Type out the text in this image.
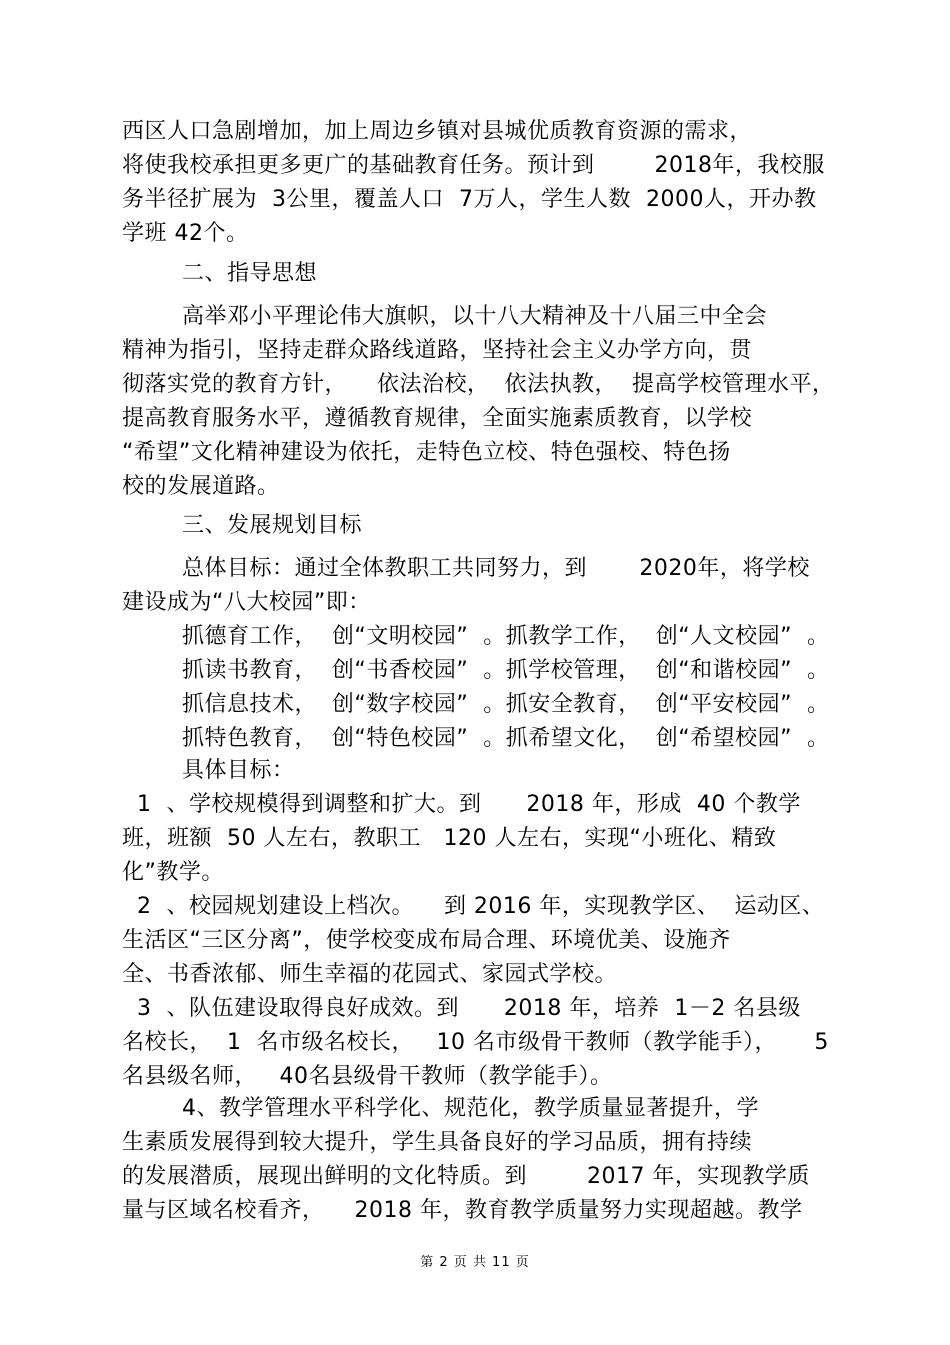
西区人口急剧增加，加上周边乡镇对县城优质教育资源的需求，
将使我校承担更多更广的基础教育任务。预计到        2018年，我校服
务半径扩展为  3公里，覆盖人口  7万人，学生人数  2000人，开办教
学班 42个。
二、指导思想
高举邓小平理论伟大旗帜，以十八大精神及十八届三中全会
精神为指引，坚持走群众路线道路，坚持社会主义办学方向，贯
彻落实党的教育方针，    依法治校，  依法执教，  提高学校管理水平，
提高教育服务水平，遵循教育规律，全面实施素质教育，以学校
“希望”文化精神建设为依托，走特色立校、特色强校、特色扬
校的发展道路。
三、发展规划目标
总体目标：通过全体教职工共同努力，到       2020年，将学校
建设成为“八大校园”即：
抓德育工作，  创“文明校园”  。抓教学工作，  创“人文校园”  。
抓读书教育，  创“书香校园”  。抓学校管理，  创“和谐校园”  。
抓信息技术，  创“数字校园”  。抓安全教育，  创“平安校园”  。
抓特色教育，  创“特色校园”  。抓希望文化，  创“希望校园”  。
具体目标：
1  、学校规模得到调整和扩大。到      2018 年，形成  40 个教学
班，班额  50 人左右，教职工   120 人左右，实现“小班化、精致
化”教学。
2  、校园规划建设上档次。    到 2016 年，实现教学区、  运动区、
生活区“三区分离”，使学校变成布局合理、环境优美、设施齐
全、书香浓郁、师生幸福的花园式、家园式学校。
3  、队伍建设取得良好成效。到      2018 年，培养  1－2 名县级
名校长，  1  名市级名校长，   10 名市级骨干教师（教学能手），     5
名县级名师，   40名县级骨干教师（教学能手）。
4、教学管理水平科学化、规范化，教学质量显著提升，学
生素质发展得到较大提升，学生具备良好的学习品质，拥有持续
的发展潜质，展现出鲜明的文化特质。到        2017 年，实现教学质
量与区域名校看齐，    2018 年，教育教学质量努力实现超越。教学
第 2 页 共 11 页
